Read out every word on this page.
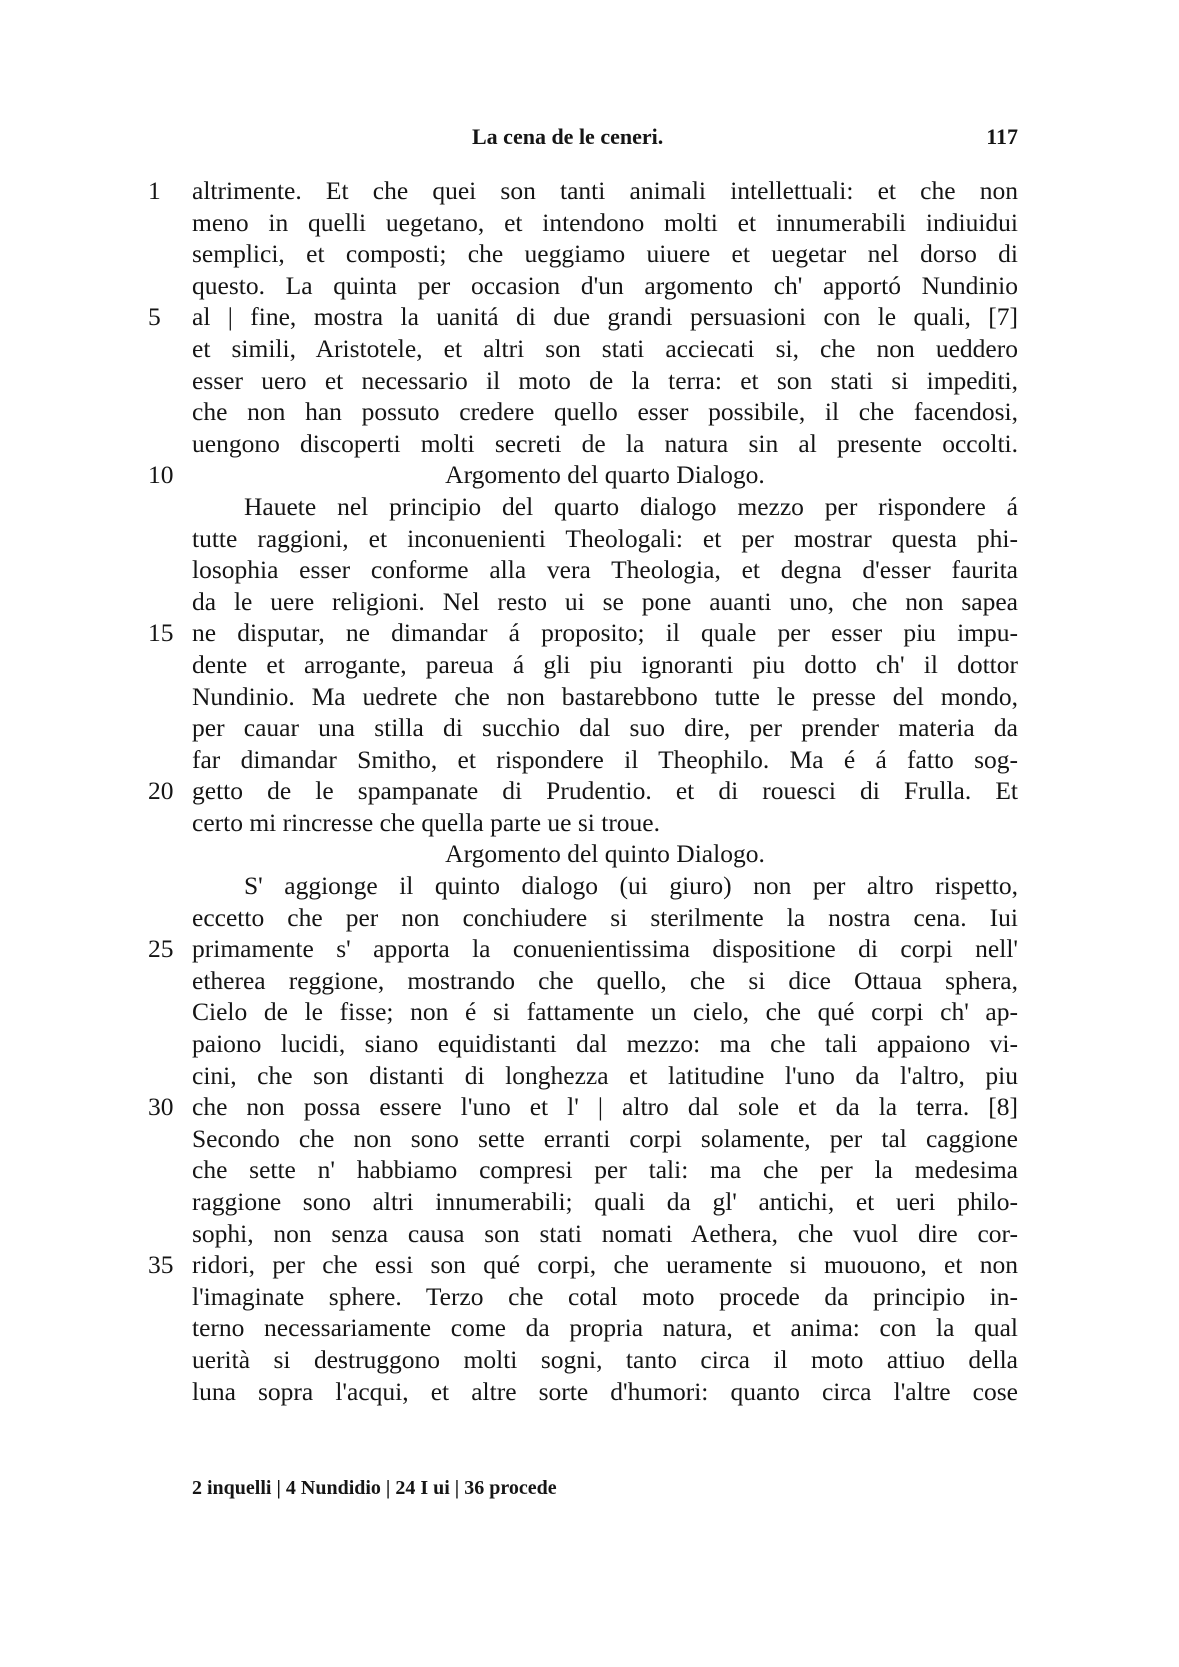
La cena de le ceneri.	117
1	altrimente. Et che quei son tanti animali intellettuali: et che non
meno in quelli uegetano, et intendono molti et innumerabili indiuidui
semplici, et composti; che ueggiamo uiuere et uegetar nel dorso di
questo. La quinta per occasion d'un argomento ch' apportó Nundinio
5	al | fine, mostra la uanitá di due grandi persuasioni con le quali, [7]
et simili, Aristotele, et altri son stati acciecati si, che non ueddero
esser uero et necessario il moto de la terra: et son stati si impediti,
che non han possuto credere quello esser possibile, il che facendosi,
uengono discoperti molti secreti de la natura sin al presente occolti.
10	Argomento del quarto Dialogo.
Hauete nel principio del quarto dialogo mezzo per rispondere á
tutte raggioni, et inconuenienti Theologali: et per mostrar questa phi-
losophia esser conforme alla vera Theologia, et degna d'esser faurita
da le uere religioni. Nel resto ui se pone auanti uno, che non sapea
15 ne disputar, ne dimandar á proposito; il quale per esser piu impu-
dente et arrogante, pareua á gli piu ignoranti piu dotto ch' il dottor
Nundinio. Ma uedrete che non bastarebbono tutte le presse del mondo,
per cauar una stilla di succhio dal suo dire, per prender materia da
far dimandar Smitho, et rispondere il Theophilo. Ma é á fatto sog-
20 getto de le spampanate di Prudentio. et di rouesci di Frulla. Et
certo mi rincresse che quella parte ue si troue.
Argomento del quinto Dialogo.
S' aggionge il quinto dialogo (ui giuro) non per altro rispetto,
eccetto che per non conchiudere si sterilmente la nostra cena. Iui
25 primamente s' apporta la conuenientissima dispositione di corpi nell'
etherea reggione, mostrando che quello, che si dice Ottaua sphera,
Cielo de le fisse; non é si fattamente un cielo, che qué corpi ch' ap-
paiono lucidi, siano equidistanti dal mezzo: ma che tali appaiono vi-
cini, che son distanti di longhezza et latitudine l'uno da l'altro, piu
30 che non possa essere l'uno et l' | altro dal sole et da la terra. [8]
Secondo che non sono sette erranti corpi solamente, per tal caggione
che sette n' habbiamo compresi per tali: ma che per la medesima
raggione sono altri innumerabili; quali da gl' antichi, et ueri philo-
sophi, non senza causa son stati nomati Aethera, che vuol dire cor-
35 ridori, per che essi son qué corpi, che ueramente si muouono, et non
l'imaginate sphere. Terzo che cotal moto procede da principio in-
terno necessariamente come da propria natura, et anima: con la qual
uerità si destruggono molti sogni, tanto circa il moto attiuo della
luna sopra l'acqui, et altre sorte d'humori: quanto circa l'altre cose
2 inquelli | 4 Nundidio | 24 I ui | 36 procede
